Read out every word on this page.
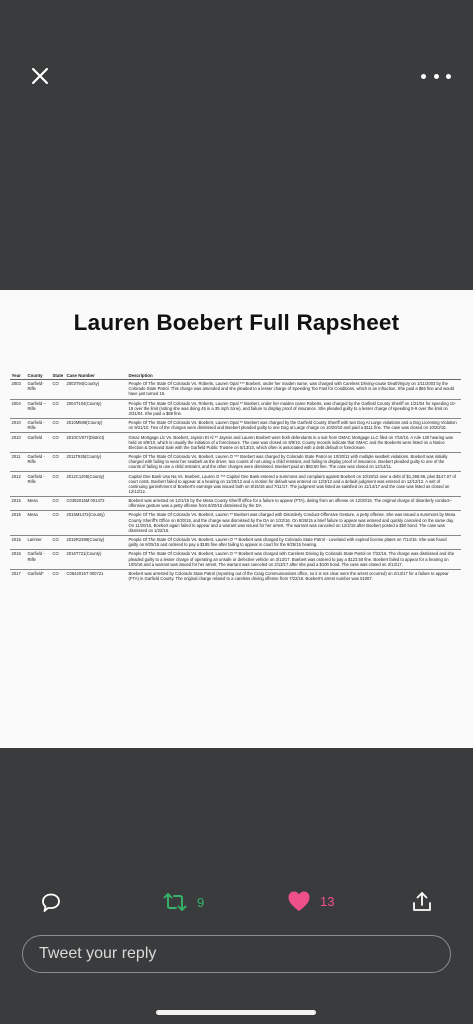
Lauren Boebert Full Rapsheet
Year	County	State	Case Number	Description
2003	Garfield-Rifle	CO	2003T94(County)	People Of The State Of Colorado Vs. Roberts, Lauren Opal *** Boebert, under her maiden name, was charged with Careless Driving-cause Death/Injury on 1/11/2003 by the Colorado State Patrol. This charge was amended and she pleaded to a lesser charge of Speeding Too Fast for Conditions, which is an infraction. She paid a $66 fine and would have just turned 16.
2004	Garfield – Rifle	CO	2004T104(County)	People Of The State Of Colorado Vs. Roberts, Lauren Opal ** Boebert, under her maiden name Roberts, was charged by the Garfield County Sheriff on 1/21/04 for speeding 10-19 over the limit (noting she was doing 45 in a 35 mph zone), and failure to display proof of insurance. She pleaded guilty to a lesser charge of speeding 5-9 over the limit on 3/31/04. She paid a $69 fine.
2010	Garfield - Rifle	CO	2010M508(County)	People Of The State Of Colorado Vs. Boebert, Lauren Opal ** Boebert was charged by the Garfield County Sheriff with two Dog At Large violations and a Dog Licensing Violation on 9/21/10. Two of the charges were dismissed and Boebert pleaded guilty to one Dog at Large charge on 10/20/10 and paid a $111 fine. The case was closed on 10/20/10.
2010	Garfield	CO	2010CV877(District)	Gmac Mortgage Llc Vs. Boebert, Jayson Et Al ** Jayson and Lauren Boebert were both defendants in a suit from GMAC Mortgage LLC filed on 7/16/10. A rule 120 hearing was held on 8/9/10, which is usually the initiation of a foreclosure. The case was closed on 8/9/10. County records indicate that GMAC and the Boeberts were listed on a Notice Election & Demand Sale with the Garfield Public Trustee on 5/13/10, which often is associated with a debt default or foreclosure.
2011	Garfield - Rifle	CO	2011T935(County)	People Of The State Of Colorado Vs. Boebert, Lauren O *** Boebert was charged by Colorado State Patrol on 10/20/11 with multiple seatbelt violations. Boebert was initially charged with failing to wear her seatbelt as the driver, two counts of not using a child restraint, and failing to display proof of insurance. Boebert pleaded guilty to one of the counts of failing to use a child restraint, and the other charges were dismissed. Boebert paid an $83.50 fine. The case was closed on 12/14/11.
2012	Garfield - Rifle	CO	2012C1205(County)	Capital One Bank Usa Na Vs. Boebert, Lauren O *** Capital One Bank entered a summons and complaint against Boebert on 10/18/12 over a debt of $1,368.98, plus $147.07 of court costs. Boebert failed to appear at a hearing on 11/20/12 and a motion for default was entered on 12/3/12 and a default judgment was entered on 12/12/12. A writ of continuing garnishment of Boebert's earnings was issued both on 8/15/16 and 7/11/17. The judgment was listed as satisfied on 11/14/17 and the case was listed as closed on 12/12/12.
2015	Mesa	CO	C0392015M 001472	Boebert was arrested on 12/1/15 by the Mesa County Sheriff office for a failure to appear (FTA), dating from an offense on 12/20/15. The original charge of disorderly conduct–offensive gesture was a petty offense from 8/20/15 dismissed by the DA
2015	Mesa	CO	2015M1472(County)	People Of The State Of Colorado Vs. Boebert, Lauren ** Boebert was charged with Disorderly Conduct-Offensive Gesture, a petty offense. She was issued a summons by Mesa County Sheriff's Office on 8/20/15, and the charge was dismissed by the DA on 1/22/16. On 8/26/15 a brief failure to appear was entered and quickly canceled on the same day. On 11/20/15, Boebert again failed to appear and a warrant was issued for her arrest. The warrant was canceled on 12/2/15 after Boebert posted a $50 bond. The case was dismissed on 1/22/16.
2015	Larimer	CO	2015R2398(County)	People Of The State Of Colorado Vs. Boebert, Lauren O ** Boebert was charged by Colorado State Patrol - Loveland with expired license plates on 7/14/15. She was found guilty on 9/25/15 and ordered to pay a $185 fine after failing to appear in court for the 9/25/15 hearing.
2016	Garfield - Rifle	CO	2016T721(County)	People Of The State Of Colorado Vs. Boebert, Lauren O ** Boebert was charged with Careless Driving by Colorado State Patrol on 7/22/16. The charge was dismissed and she pleaded guilty to a lesser charge of operating an unsafe or defective vehicle on 3/13/17. Boebert was ordered to pay a $123.50 fine. Boebert failed to appear for a hearing on 10/5/16 and a warrant was issued for her arrest. The warrant was canceled on 2/13/17 after she paid a $100 bond. The case was closed on 3/13/17.
2017	Garfield*	CO	C0642016T 000721	Boebert was arrested by Colorado State Patrol (reporting out of the Craig Communications office, so it is not clear were the arrest occurred) on 2/13/17 for a failure to appear (FTA) in Garfield County. The original charge related to a careless driving offense from 7/22/16. Boebert's arrest number was 51067.
9	13
Tweet your reply
